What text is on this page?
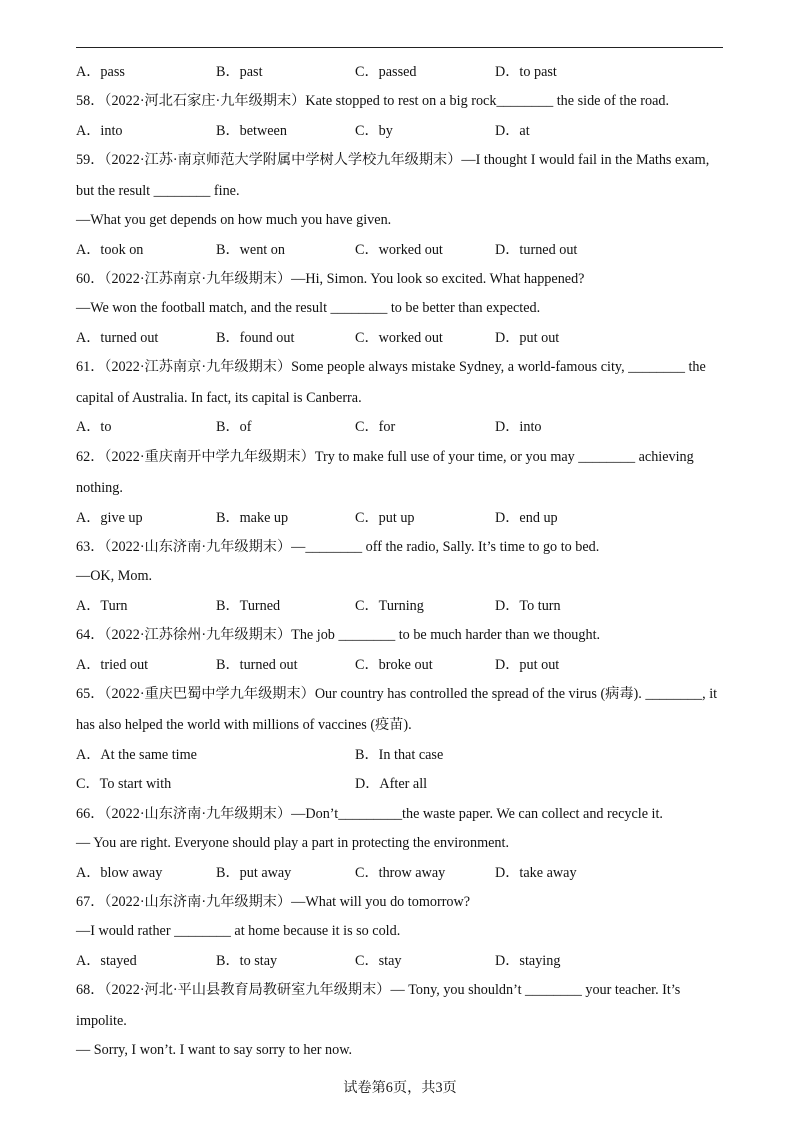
A．pass	B．past	C．passed	D．to past
58．（2022·河北石家庄·九年级期末）Kate stopped to rest on a big rock________ the side of the road.
A．into	B．between	C．by	D．at
59．（2022·江苏·南京师范大学附属中学树人学校九年级期末）—I thought I would fail in the Maths exam,
but the result ________ fine.
—What you get depends on how much you have given.
A．took on	B．went on	C．worked out	D．turned out
60．（2022·江苏南京·九年级期末）—Hi, Simon. You look so excited. What happened?
—We won the football match, and the result ________ to be better than expected.
A．turned out	B．found out	C．worked out	D．put out
61．（2022·江苏南京·九年级期末）Some people always mistake Sydney, a world-famous city, ________ the
capital of Australia. In fact, its capital is Canberra.
A．to	B．of	C．for	D．into
62．（2022·重庆南开中学九年级期末）Try to make full use of your time, or you may ________ achieving
nothing.
A．give up	B．make up	C．put up	D．end up
63．（2022·山东济南·九年级期末）—________ off the radio, Sally. It’s time to go to bed.
—OK, Mom.
A．Turn	B．Turned	C．Turning	D．To turn
64．（2022·江苏徐州·九年级期末）The job ________ to be much harder than we thought.
A．tried out	B．turned out	C．broke out	D．put out
65．（2022·重庆巴蜀中学九年级期末）Our country has controlled the spread of the virus (病毒). ________, it
has also helped the world with millions of vaccines (疫苗).
A．At the same time	B．In that case
C．To start with	D．After all
66．（2022·山东济南·九年级期末）—Don’t_________the waste paper. We can collect and recycle it.
— You are right. Everyone should play a part in protecting the environment.
A．blow away	B．put away	C．throw away	D．take away
67．（2022·山东济南·九年级期末）—What will you do tomorrow?
—I would rather ________ at home because it is so cold.
A．stayed	B．to stay	C．stay	D．staying
68．（2022·河北·平山县教育局教研室九年级期末）— Tony, you shouldn’t ________ your teacher. It’s
impolite.
— Sorry, I won’t. I want to say sorry to her now.
试卷第6页，共3页
